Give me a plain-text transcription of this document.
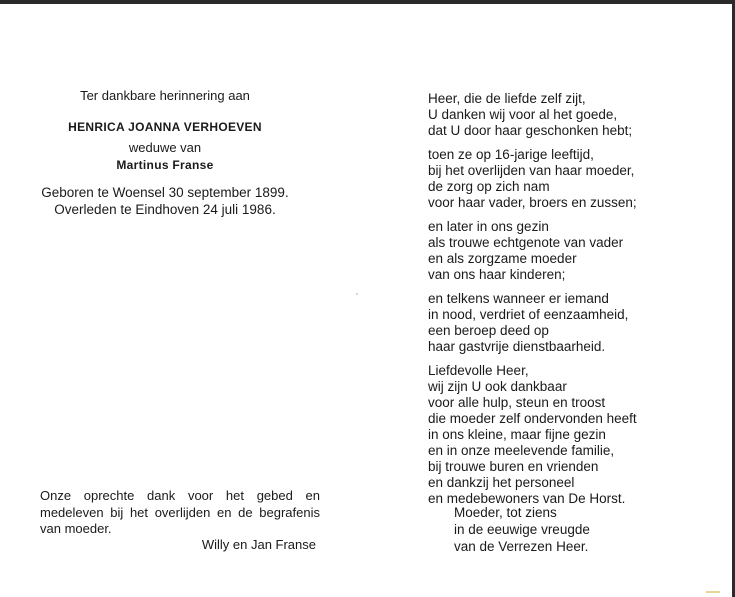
Ter dankbare herinnering aan
HENRICA JOANNA VERHOEVEN
weduwe van
Martinus Franse
Geboren te Woensel 30 september 1899.
Overleden te Eindhoven 24 juli 1986.
Onze oprechte dank voor het gebed en medeleven bij het overlijden en de begrafenis van moeder.
Willy en Jan Franse
Heer, die de liefde zelf zijt,
U danken wij voor al het goede,
dat U door haar geschonken hebt;
toen ze op 16-jarige leeftijd,
bij het overlijden van haar moeder,
de zorg op zich nam
voor haar vader, broers en zussen;
en later in ons gezin
als trouwe echtgenote van vader
en als zorgzame moeder
van ons haar kinderen;
en telkens wanneer er iemand
in nood, verdriet of eenzaamheid,
een beroep deed op
haar gastvrije dienstbaarheid.
Liefdevolle Heer,
wij zijn U ook dankbaar
voor alle hulp, steun en troost
die moeder zelf ondervonden heeft
in ons kleine, maar fijne gezin
en in onze meelevende familie,
bij trouwe buren en vrienden
en dankzij het personeel
en medebewoners van De Horst.
Moeder, tot ziens
in de eeuwige vreugde
van de Verrezen Heer.
